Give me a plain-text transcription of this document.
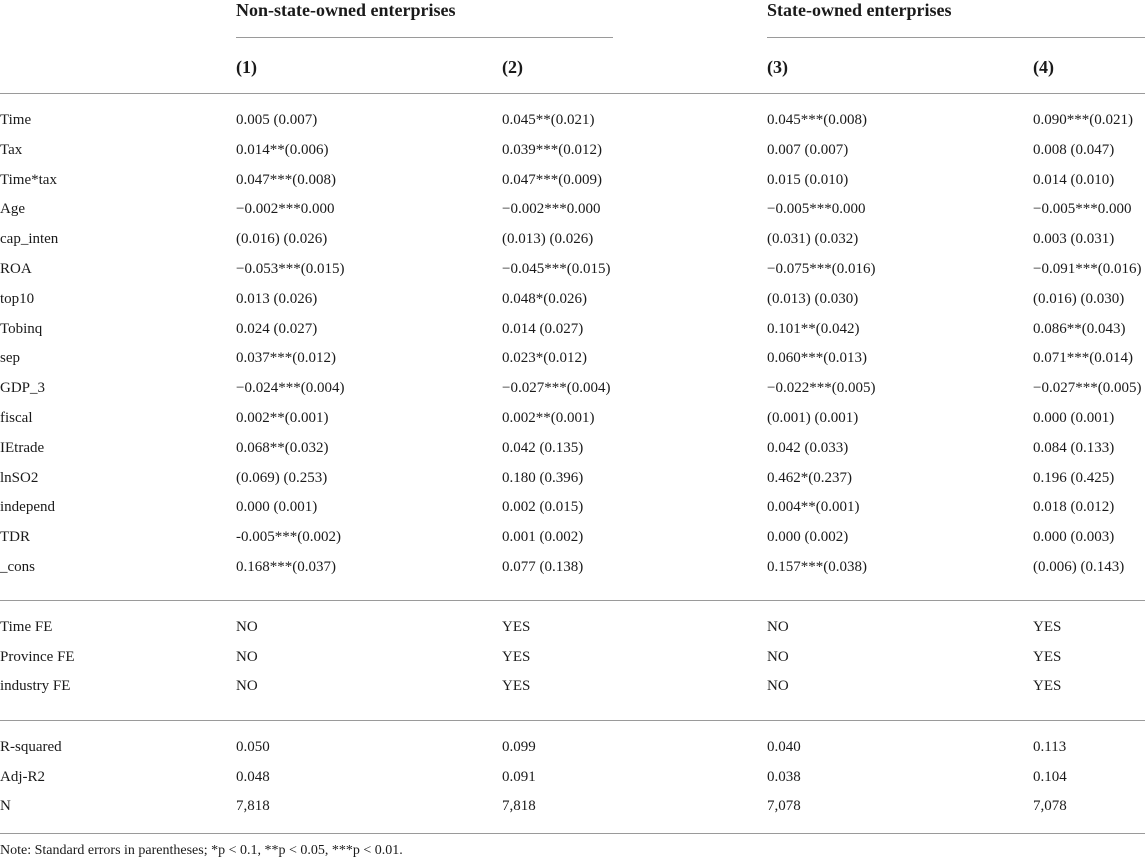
Non-state-owned enterprises	State-owned enterprises
(1)	(2)	(3)	(4)
Time	0.005 (0.007)	0.045**(0.021)	0.045***(0.008)	0.090***(0.021)
Tax	0.014**(0.006)	0.039***(0.012)	0.007 (0.007)	0.008 (0.047)
Time*tax	0.047***(0.008)	0.047***(0.009)	0.015 (0.010)	0.014 (0.010)
Age	−0.002***0.000	−0.002***0.000	−0.005***0.000	−0.005***0.000
cap_inten	(0.016) (0.026)	(0.013) (0.026)	(0.031) (0.032)	0.003 (0.031)
ROA	−0.053***(0.015)	−0.045***(0.015)	−0.075***(0.016)	−0.091***(0.016)
top10	0.013 (0.026)	0.048*(0.026)	(0.013) (0.030)	(0.016) (0.030)
Tobinq	0.024 (0.027)	0.014 (0.027)	0.101**(0.042)	0.086**(0.043)
sep	0.037***(0.012)	0.023*(0.012)	0.060***(0.013)	0.071***(0.014)
GDP_3	−0.024***(0.004)	−0.027***(0.004)	−0.022***(0.005)	−0.027***(0.005)
fiscal	0.002**(0.001)	0.002**(0.001)	(0.001) (0.001)	0.000 (0.001)
IEtrade	0.068**(0.032)	0.042 (0.135)	0.042 (0.033)	0.084 (0.133)
lnSO2	(0.069) (0.253)	0.180 (0.396)	0.462*(0.237)	0.196 (0.425)
independ	0.000 (0.001)	0.002 (0.015)	0.004**(0.001)	0.018 (0.012)
TDR	-0.005***(0.002)	0.001 (0.002)	0.000 (0.002)	0.000 (0.003)
_cons	0.168***(0.037)	0.077 (0.138)	0.157***(0.038)	(0.006) (0.143)
Time FE	NO	YES	NO	YES
Province FE	NO	YES	NO	YES
industry FE	NO	YES	NO	YES
R-squared	0.050	0.099	0.040	0.113
Adj-R2	0.048	0.091	0.038	0.104
N	7,818	7,818	7,078	7,078
Note: Standard errors in parentheses; *p < 0.1, **p < 0.05, ***p < 0.01.
